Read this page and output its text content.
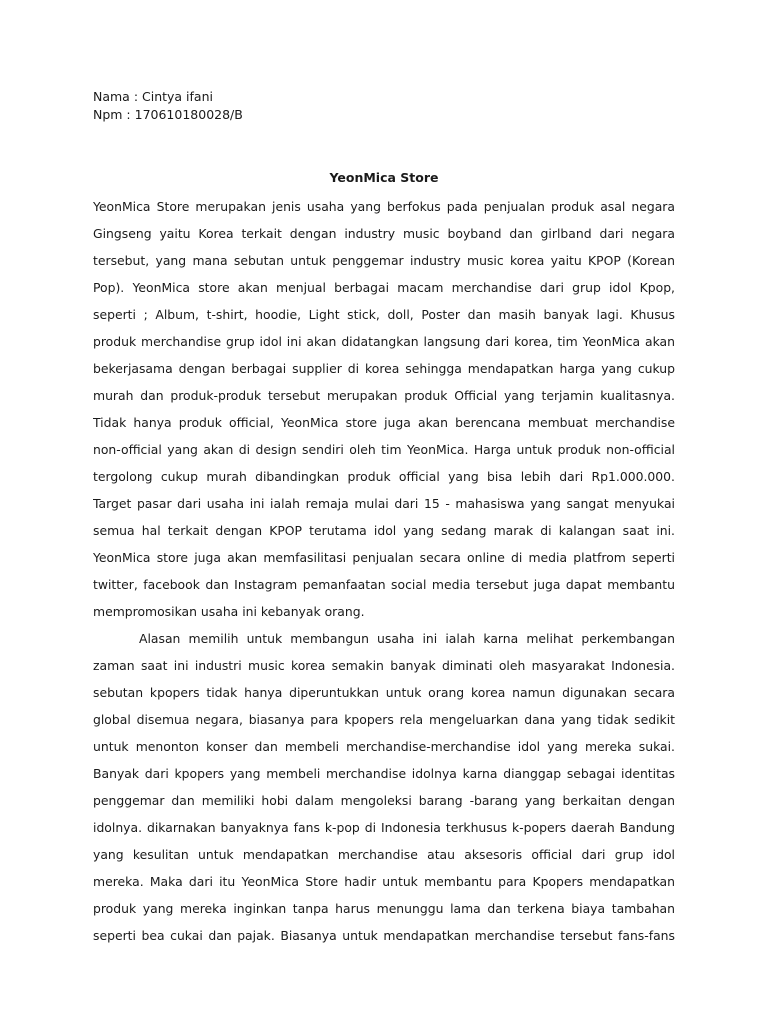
Nama : Cintya ifani
Npm : 170610180028/B
YeonMica Store
YeonMica Store merupakan jenis usaha yang berfokus pada penjualan produk asal negara
Gingseng yaitu Korea terkait dengan industry music boyband dan girlband dari negara
tersebut, yang mana sebutan untuk penggemar industry music korea yaitu KPOP (Korean
Pop). YeonMica store akan menjual berbagai macam merchandise dari grup idol Kpop,
seperti ; Album, t-shirt, hoodie, Light stick, doll, Poster dan masih banyak lagi. Khusus
produk merchandise grup idol ini akan didatangkan langsung dari korea, tim YeonMica akan
bekerjasama dengan berbagai supplier di korea sehingga mendapatkan harga yang cukup
murah dan produk-produk tersebut merupakan produk Official yang terjamin kualitasnya.
Tidak hanya produk official, YeonMica store juga akan berencana membuat merchandise
non-official yang akan di design sendiri oleh tim YeonMica. Harga untuk produk non-official
tergolong cukup murah dibandingkan produk official yang bisa lebih dari Rp1.000.000.
Target pasar dari usaha ini ialah remaja mulai dari 15 - mahasiswa yang sangat menyukai
semua hal terkait dengan KPOP terutama idol yang sedang marak di kalangan saat ini.
YeonMica store juga akan memfasilitasi penjualan secara online di media platfrom seperti
twitter, facebook dan Instagram pemanfaatan social media tersebut juga dapat membantu
mempromosikan usaha ini kebanyak orang.
Alasan memilih untuk membangun usaha ini ialah karna melihat perkembangan
zaman saat ini industri music korea semakin banyak diminati oleh masyarakat Indonesia.
sebutan kpopers tidak hanya diperuntukkan untuk orang korea namun digunakan secara
global disemua negara, biasanya para kpopers rela mengeluarkan dana yang tidak sedikit
untuk menonton konser dan membeli merchandise-merchandise idol yang mereka sukai.
Banyak dari kpopers yang membeli merchandise idolnya karna dianggap sebagai identitas
penggemar dan memiliki hobi dalam mengoleksi barang -barang yang berkaitan dengan
idolnya. dikarnakan banyaknya fans k-pop di Indonesia terkhusus k-popers daerah Bandung
yang kesulitan untuk mendapatkan merchandise atau aksesoris official dari grup idol
mereka. Maka dari itu YeonMica Store hadir untuk membantu para Kpopers mendapatkan
produk yang mereka inginkan tanpa harus menunggu lama dan terkena biaya tambahan
seperti bea cukai dan pajak. Biasanya untuk mendapatkan merchandise tersebut fans-fans
